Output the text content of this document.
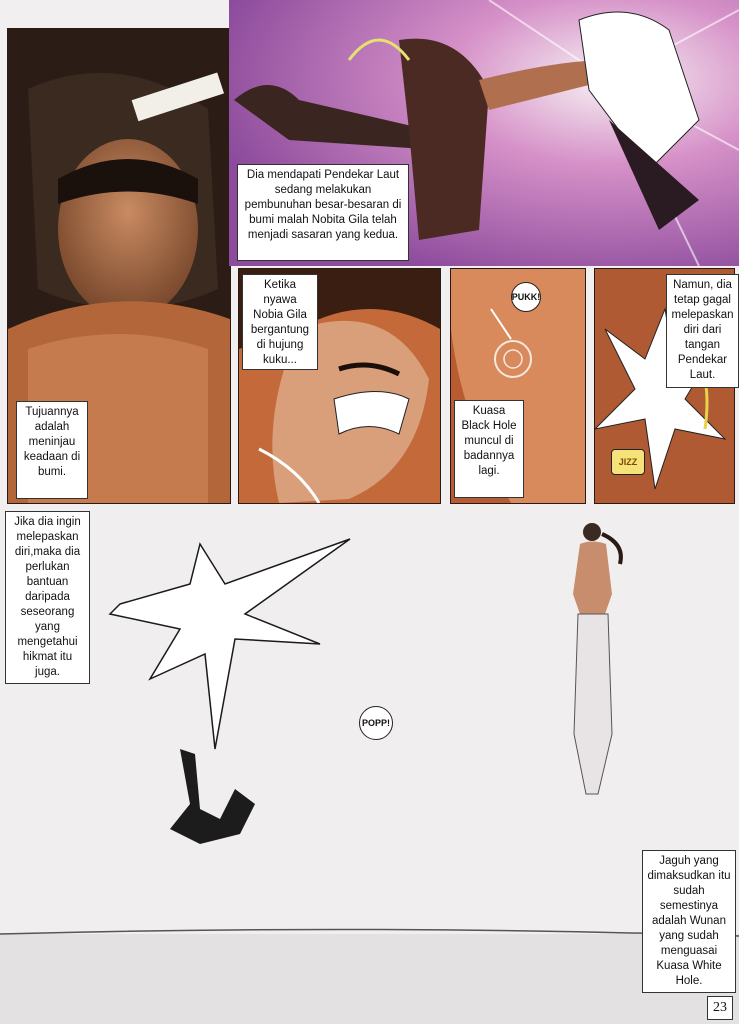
Tujuannya adalah meninjau keadaan di bumi.
Dia mendapati Pendekar Laut sedang melakukan pembunuhan besar-besaran di bumi malah Nobita Gila telah menjadi sasaran yang kedua.
Ketika nyawa Nobia Gila bergantung di hujung kuku...
Kuasa Black Hole muncul di badannya lagi.
Namun, dia tetap gagal melepaskan diri dari tangan Pendekar Laut.
Jika dia ingin melepaskan diri,maka dia perlukan bantuan daripada seseorang yang mengetahui hikmat itu juga.
Jaguh yang dimaksudkan itu sudah semestinya adalah Wunan yang sudah menguasai Kuasa White Hole.
PUKK!
JIZZ
POPP!
23
